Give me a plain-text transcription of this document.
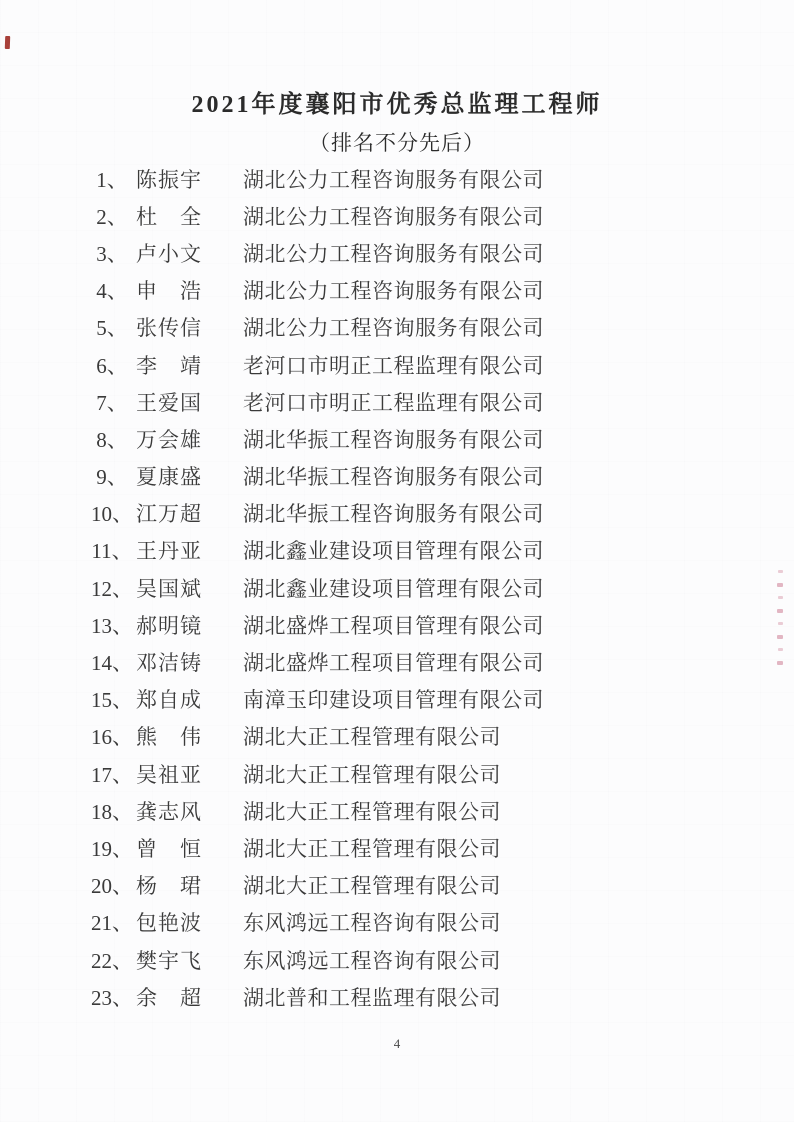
2021年度襄阳市优秀总监理工程师
（排名不分先后）
1、 陈振宇 湖北公力工程咨询服务有限公司
2、 杜　全 湖北公力工程咨询服务有限公司
3、 卢小文 湖北公力工程咨询服务有限公司
4、 申　浩 湖北公力工程咨询服务有限公司
5、 张传信 湖北公力工程咨询服务有限公司
6、 李　靖 老河口市明正工程监理有限公司
7、 王爱国 老河口市明正工程监理有限公司
8、 万会雄 湖北华振工程咨询服务有限公司
9、 夏康盛 湖北华振工程咨询服务有限公司
10、 江万超 湖北华振工程咨询服务有限公司
11、 王丹亚 湖北鑫业建设项目管理有限公司
12、 吴国斌 湖北鑫业建设项目管理有限公司
13、 郝明镜 湖北盛烨工程项目管理有限公司
14、 邓洁铸 湖北盛烨工程项目管理有限公司
15、 郑自成 南漳玉印建设项目管理有限公司
16、 熊　伟 湖北大正工程管理有限公司
17、 吴祖亚 湖北大正工程管理有限公司
18、 龚志风 湖北大正工程管理有限公司
19、 曾　恒 湖北大正工程管理有限公司
20、 杨　珺 湖北大正工程管理有限公司
21、 包艳波 东风鸿远工程咨询有限公司
22、 樊宇飞 东风鸿远工程咨询有限公司
23、 余　超 湖北普和工程监理有限公司
4
